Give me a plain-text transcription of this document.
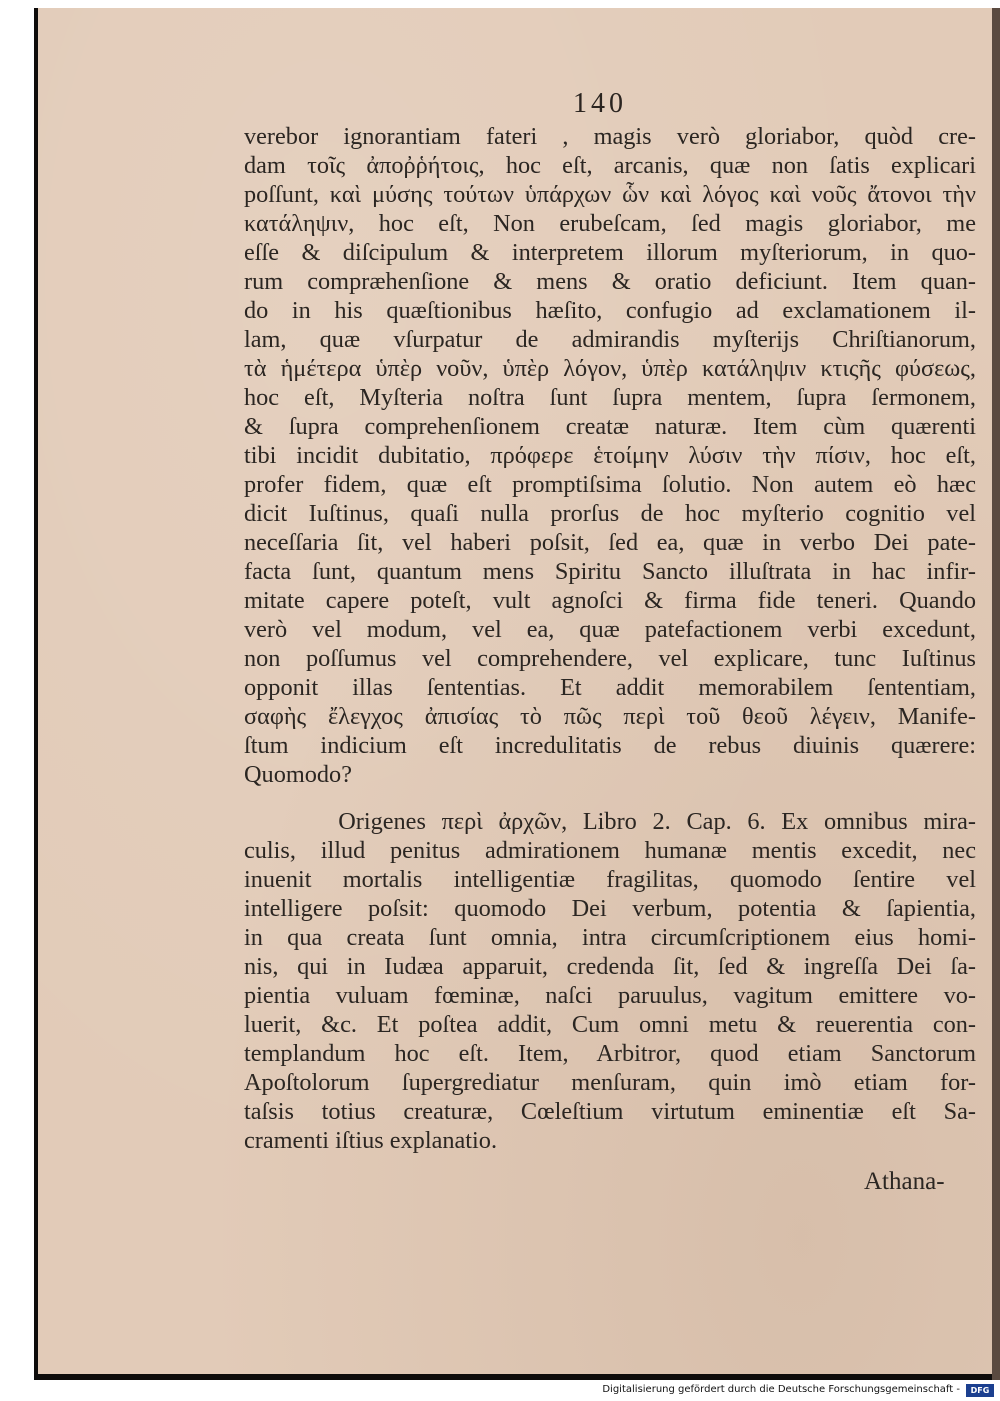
140
verebor ignorantiam fateri , magis verò gloriabor, quòd cre-
dam τοῖς ἀποῤῥήτοις, hoc eſt, arcanis, quæ non ſatis explicari
poſſunt, καὶ μύσης τούτων ὑπάρχων ὧν καὶ λόγος καὶ νοῦς ἄτονοι τὴν
κατάληψιν, hoc eſt, Non erubeſcam, ſed magis gloriabor, me
eſſe & diſcipulum & interpretem illorum myſteriorum, in quo-
rum compræhenſione & mens & oratio deficiunt. Item quan-
do in his quæſtionibus hæſito, confugio ad exclamationem il-
lam, quæ vſurpatur de admirandis myſterijs Chriſtianorum,
τὰ ἡμέτερα ὑπὲρ νοῦν, ὑπὲρ λόγον, ὑπὲρ κατάληψιν κτιςῆς φύσεως,
hoc eſt, Myſteria noſtra ſunt ſupra mentem, ſupra ſermonem,
& ſupra comprehenſionem creatæ naturæ. Item cùm quærenti
tibi incidit dubitatio, πρόφερε ἑτοίμην λύσιν τὴν πίσιν, hoc eſt,
profer fidem, quæ eſt promptiſsima ſolutio. Non autem eò hæc
dicit Iuſtinus, quaſi nulla prorſus de hoc myſterio cognitio vel
neceſſaria ſit, vel haberi poſsit, ſed ea, quæ in verbo Dei pate-
facta ſunt, quantum mens Spiritu Sancto illuſtrata in hac infir-
mitate capere poteſt, vult agnoſci & firma fide teneri. Quando
verò vel modum, vel ea, quæ patefactionem verbi excedunt,
non poſſumus vel comprehendere, vel explicare, tunc Iuſtinus
opponit illas ſententias. Et addit memorabilem ſententiam,
σαφὴς ἔλεγχος ἀπισίας τὸ πῶς περὶ τοῦ θεοῦ λέγειν, Manife-
ſtum indicium eſt incredulitatis de rebus diuinis quærere:
Quomodo?
Origenes περὶ ἀρχῶν, Libro 2. Cap. 6. Ex omnibus mira-
culis, illud penitus admirationem humanæ mentis excedit, nec
inuenit mortalis intelligentiæ fragilitas, quomodo ſentire vel
intelligere poſsit: quomodo Dei verbum, potentia & ſapientia,
in qua creata ſunt omnia, intra circumſcriptionem eius homi-
nis, qui in Iudæa apparuit, credenda ſit, ſed & ingreſſa Dei ſa-
pientia vuluam fœminæ, naſci paruulus, vagitum emittere vo-
luerit, &c. Et poſtea addit, Cum omni metu & reuerentia con-
templandum hoc eſt. Item, Arbitror, quod etiam Sanctorum
Apoſtolorum ſupergrediatur menſuram, quin imò etiam for-
taſsis totius creaturæ, Cœleſtium virtutum eminentiæ eſt Sa-
cramenti iſtius explanatio.
Athana-
Digitalisierung gefördert durch die Deutsche Forschungsgemeinschaft -	DFG
